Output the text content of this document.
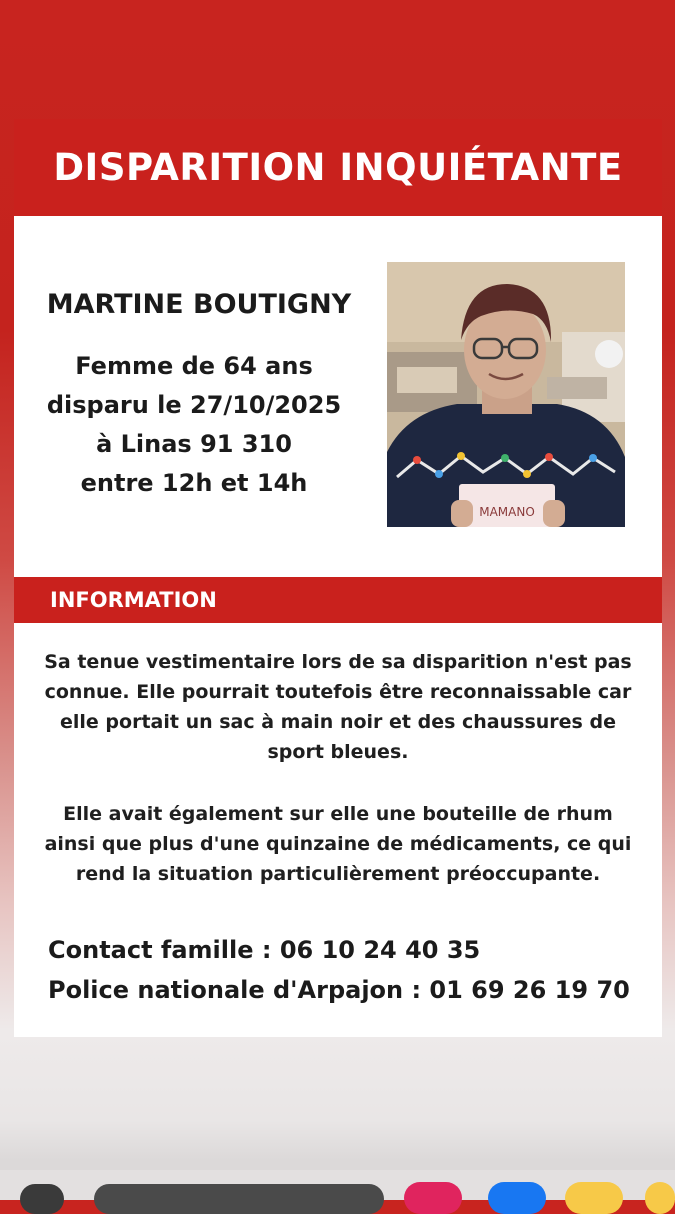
DISPARITION INQUIÉTANTE
MARTINE BOUTIGNY
Femme de 64 ans
disparu le 27/10/2025
à Linas 91 310
entre 12h et 14h
MAMANO
INFORMATION
Sa tenue vestimentaire lors de sa disparition n'est pas
connue. Elle pourrait toutefois être reconnaissable car
elle portait un sac à main noir et des chaussures de
sport bleues.
Elle avait également sur elle une bouteille de rhum
ainsi que plus d'une quinzaine de médicaments, ce qui
rend la situation particulièrement préoccupante.
Contact famille : 06 10 24 40 35
Police nationale d'Arpajon : 01 69 26 19 70
